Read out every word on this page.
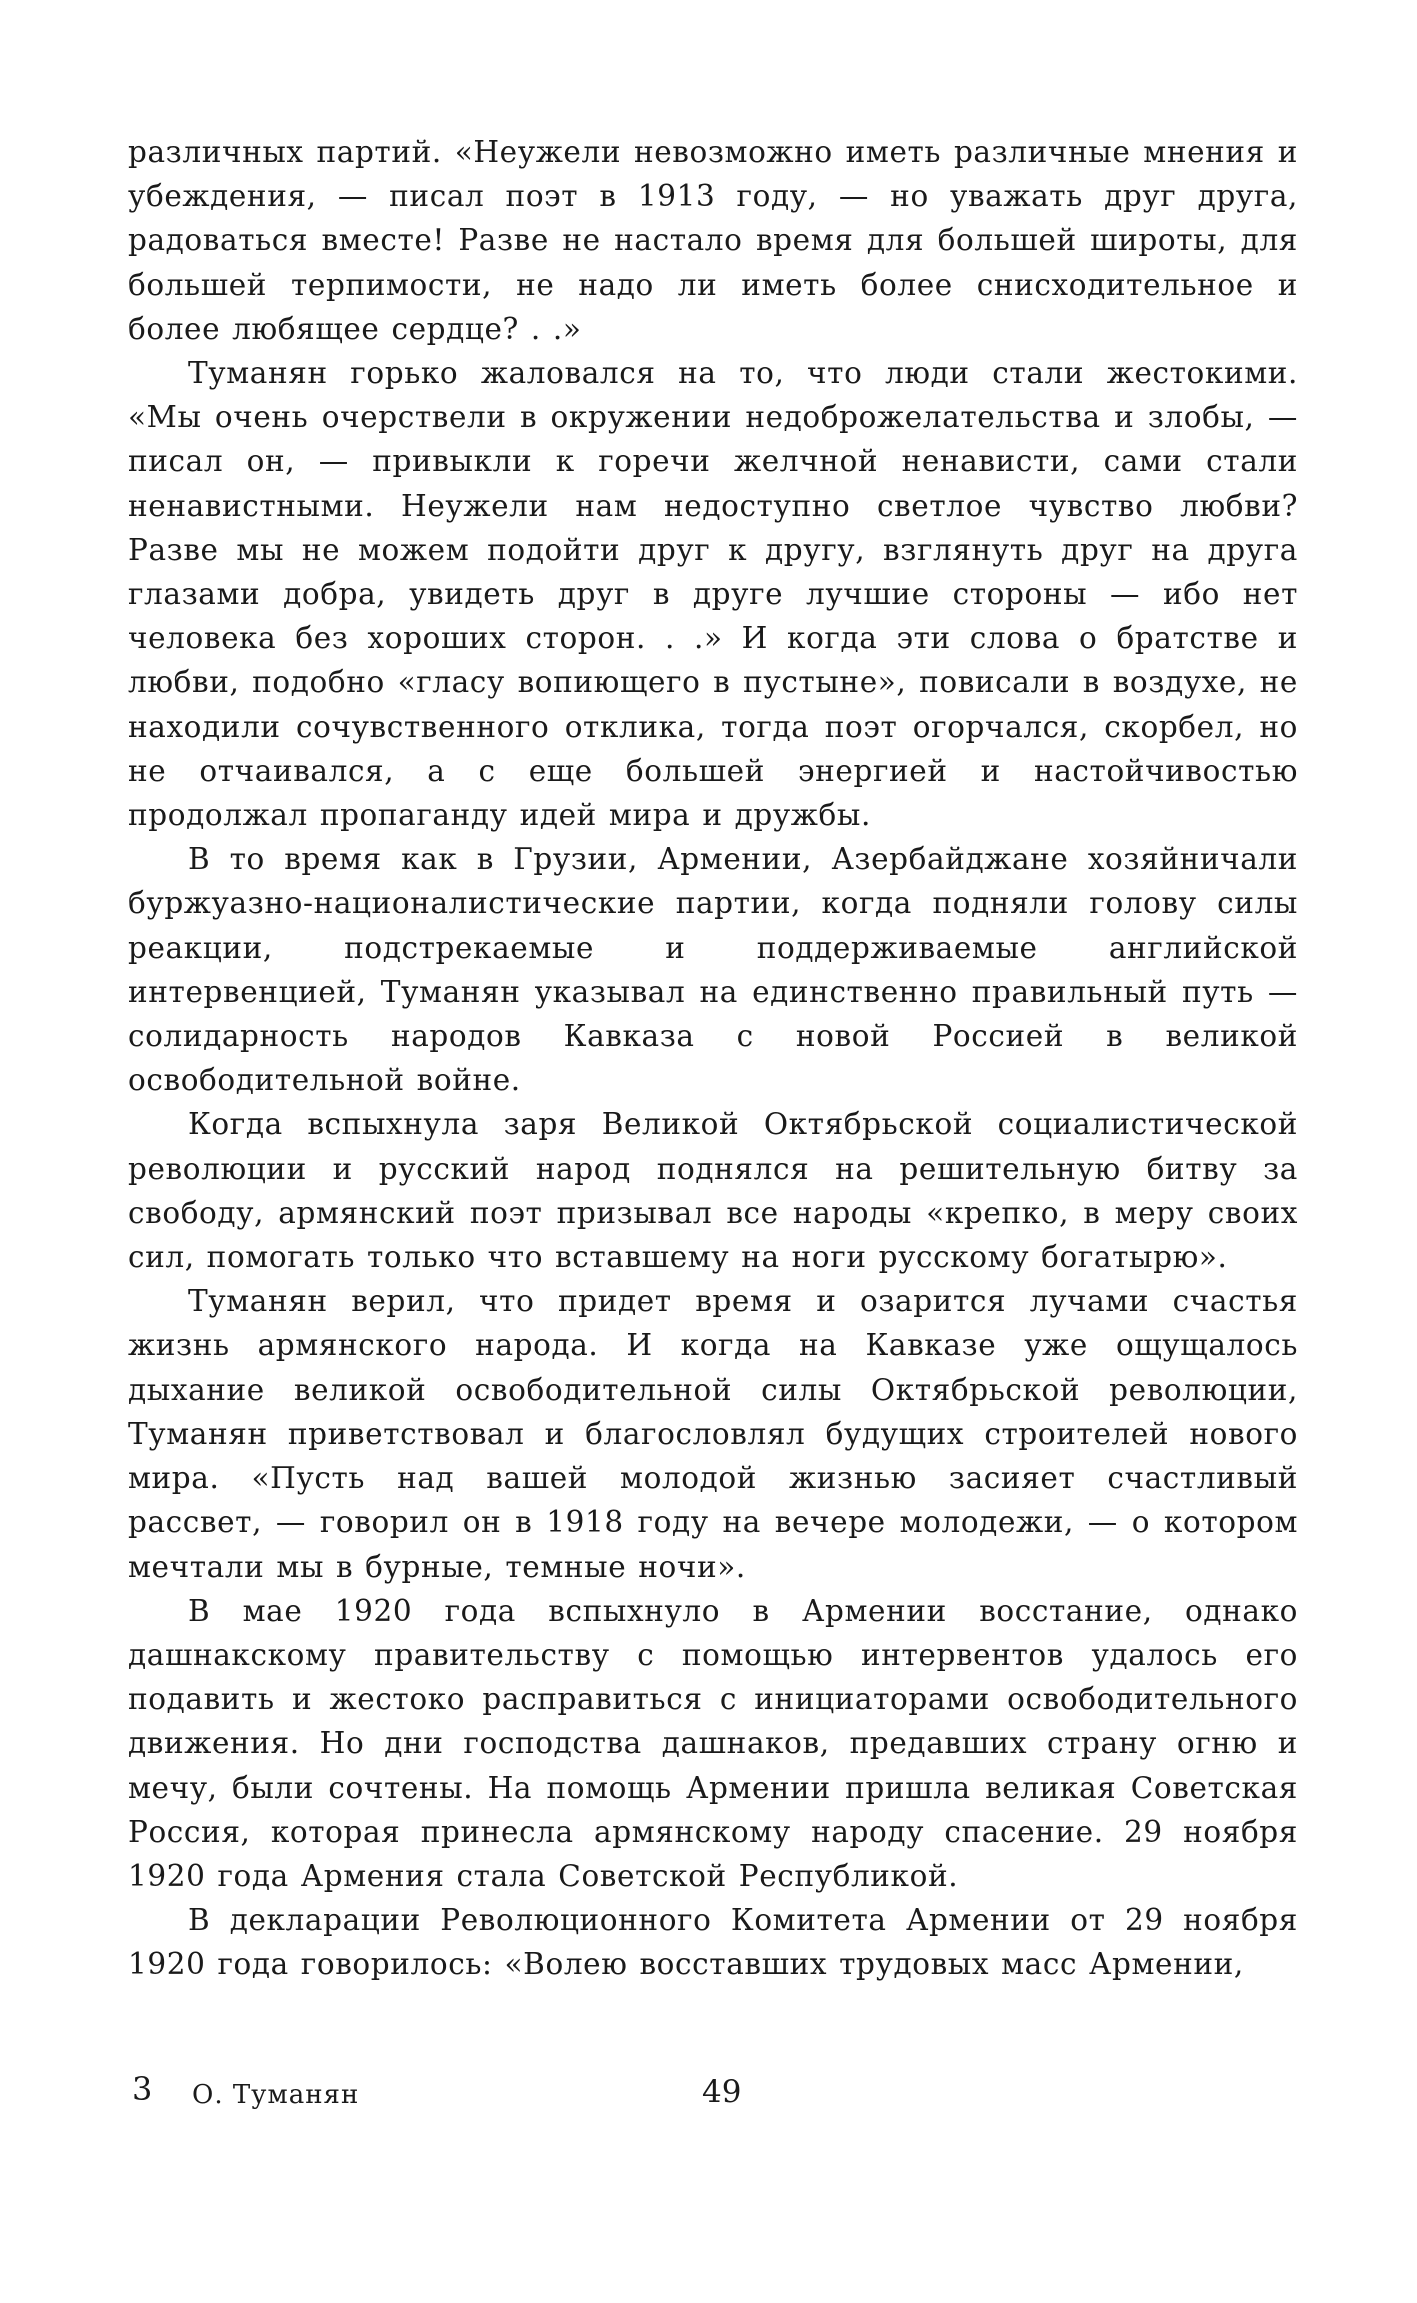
различных партий. «Неужели невозможно иметь различные мнения и убеждения, — писал поэт в 1913 году, — но уважать друг друга, радоваться вместе! Разве не настало время для большей широты, для большей терпимости, не надо ли иметь более снисходительное и более любящее сердце? . .»

Туманян горько жаловался на то, что люди стали жестокими. «Мы очень очерствели в окружении недоброжелательства и злобы, — писал он, — привыкли к горечи желчной ненависти, сами стали ненавистными. Неужели нам недоступно светлое чувство любви? Разве мы не можем подойти друг к другу, взглянуть друг на друга глазами добра, увидеть друг в друге лучшие стороны — ибо нет человека без хороших сторон. . .» И когда эти слова о братстве и любви, подобно «гласу вопиющего в пустыне», повисали в воздухе, не находили сочувственного отклика, тогда поэт огорчался, скорбел, но не отчаивался, а с еще большей энергией и настойчивостью продолжал пропаганду идей мира и дружбы.

В то время как в Грузии, Армении, Азербайджане хозяйничали буржуазно-националистические партии, когда подняли голову силы реакции, подстрекаемые и поддерживаемые английской интервенцией, Туманян указывал на единственно правильный путь — солидарность народов Кавказа с новой Россией в великой освободительной войне.

Когда вспыхнула заря Великой Октябрьской социалистической революции и русский народ поднялся на решительную битву за свободу, армянский поэт призывал все народы «крепко, в меру своих сил, помогать только что вставшему на ноги русскому богатырю».

Туманян верил, что придет время и озарится лучами счастья жизнь армянского народа. И когда на Кавказе уже ощущалось дыхание великой освободительной силы Октябрьской революции, Туманян приветствовал и благословлял будущих строителей нового мира. «Пусть над вашей молодой жизнью засияет счастливый рассвет, — говорил он в 1918 году на вечере молодежи, — о котором мечтали мы в бурные, темные ночи».

В мае 1920 года вспыхнуло в Армении восстание, однако дашнакскому правительству с помощью интервентов удалось его подавить и жестоко расправиться с инициаторами освободительного движения. Но дни господства дашнаков, предавших страну огню и мечу, были сочтены. На помощь Армении пришла великая Советская Россия, которая принесла армянскому народу спасение. 29 ноября 1920 года Армения стала Советской Республикой.

В декларации Революционного Комитета Армении от 29 ноября 1920 года говорилось: «Волею восставших трудовых масс Армении,

3 О. Туманян	49
